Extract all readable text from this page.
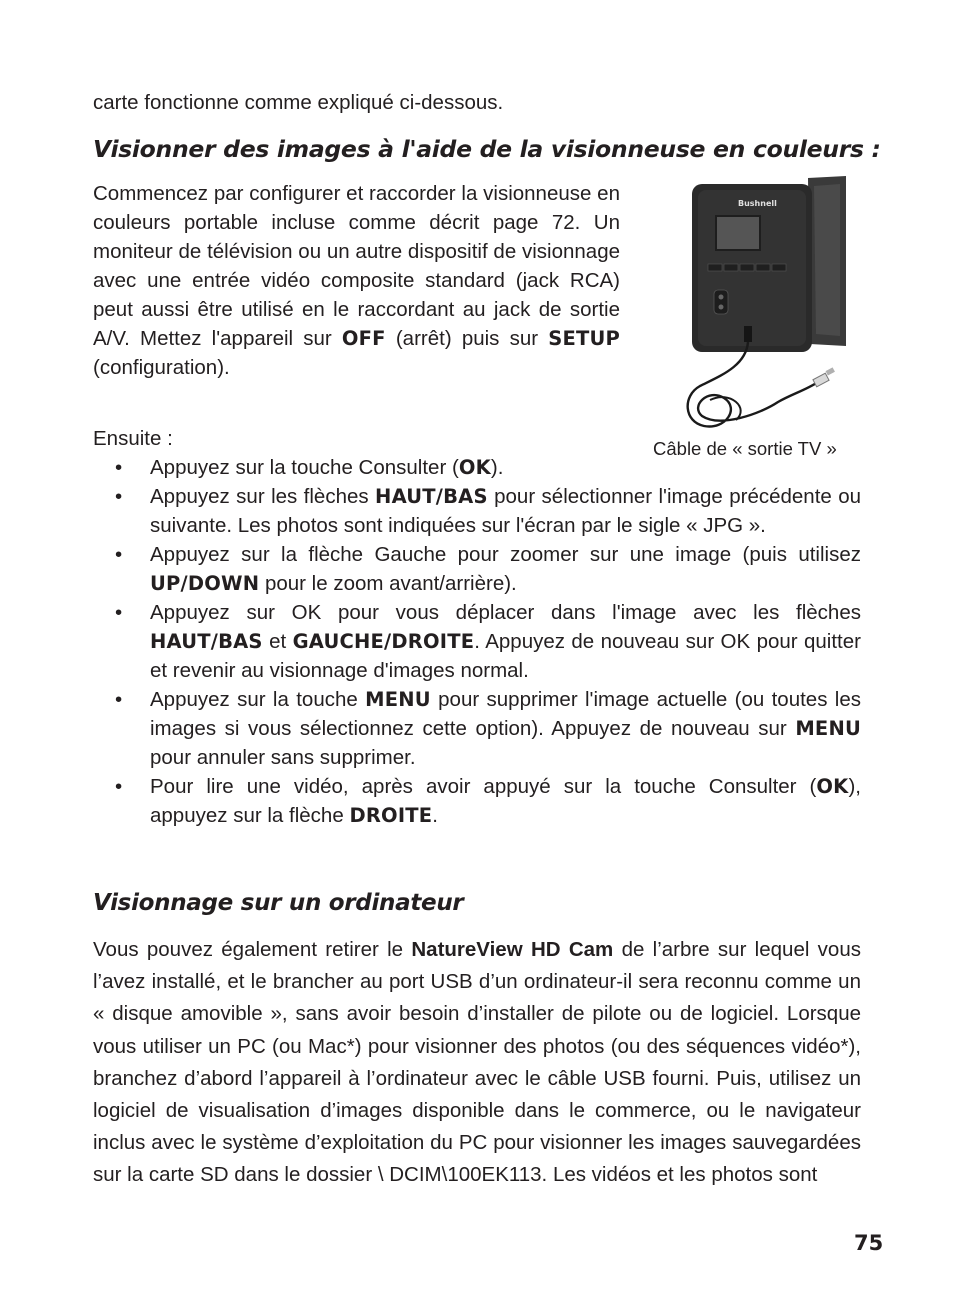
carte fonctionne comme expliqué ci-dessous.
Visionner des images à l'aide de la visionneuse en couleurs :
Commencez par configurer et raccorder la visionneuse en couleurs portable incluse comme décrit page 72. Un moniteur de télévision ou un autre dispositif de visionnage avec une entrée vidéo composite standard (jack RCA) peut aussi être utilisé en le raccordant au jack de sortie A/V. Mettez l'appareil sur OFF (arrêt) puis sur SETUP (configuration).
Bushnell
Câble de « sortie TV »
Ensuite :
• Appuyez sur la touche Consulter (OK).
• Appuyez sur les flèches HAUT/BAS pour sélectionner l'image précédente ou suivante. Les photos sont indiquées sur l'écran par le sigle « JPG ».
• Appuyez sur la flèche Gauche pour zoomer sur une image (puis utilisez UP/DOWN pour le zoom avant/arrière).
• Appuyez sur OK pour vous déplacer dans l'image avec les flèches HAUT/BAS et GAUCHE/DROITE. Appuyez de nouveau sur OK pour quitter et revenir au visionnage d'images normal.
• Appuyez sur la touche MENU pour supprimer l'image actuelle (ou toutes les images si vous sélectionnez cette option). Appuyez de nouveau sur MENU pour annuler sans supprimer.
• Pour lire une vidéo, après avoir appuyé sur la touche Consulter (OK), appuyez sur la flèche DROITE.
Visionnage sur un ordinateur
Vous pouvez également retirer le NatureView HD Cam de l’arbre sur lequel vous l’avez installé, et le brancher au port USB d’un ordinateur-il sera reconnu comme un « disque amovible », sans avoir besoin d’installer de pilote ou de logiciel. Lorsque vous utiliser un PC (ou Mac*) pour visionner des photos (ou des séquences vidéo*), branchez d’abord l’appareil à l’ordinateur avec le câble USB fourni. Puis, utilisez un logiciel de visualisation d’images disponible dans le commerce, ou le navigateur inclus avec le système d’exploitation du PC pour visionner les images sauvegardées sur la carte SD dans le dossier \ DCIM\100EK113. Les vidéos et les photos sont
75
